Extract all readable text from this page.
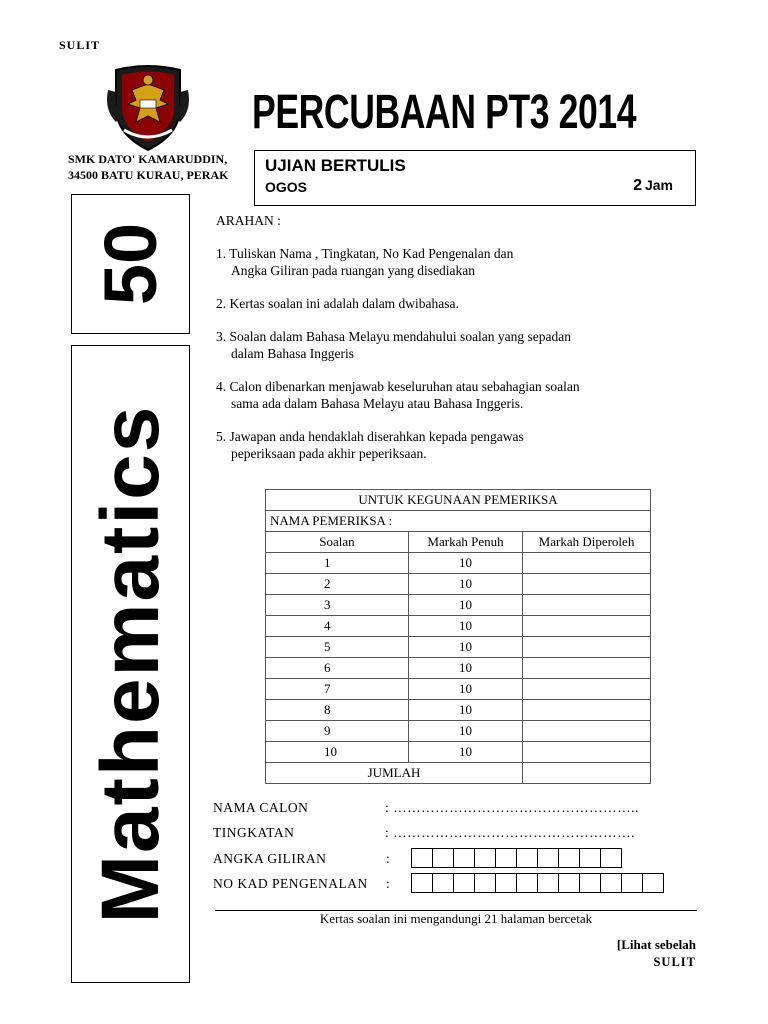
SULIT
SMK DATO' KAMARUDDIN,
34500 BATU KURAU, PERAK
PERCUBAAN PT3 2014
UJIAN BERTULIS
OGOS	2 Jam
50
Mathematics
ARAHAN :
1. Tuliskan Nama , Tingkatan, No Kad Pengenalan dan
Angka Giliran pada ruangan yang disediakan
2. Kertas soalan ini adalah dalam dwibahasa.
3. Soalan dalam Bahasa Melayu mendahului soalan yang sepadan
dalam Bahasa Inggeris
4. Calon dibenarkan menjawab keseluruhan atau sebahagian soalan
sama ada dalam Bahasa Melayu atau Bahasa Inggeris.
5. Jawapan anda hendaklah diserahkan kepada pengawas
peperiksaan pada akhir peperiksaan.
UNTUK KEGUNAAN PEMERIKSA		
NAMA PEMERIKSA :		
Soalan	Markah Penuh	Markah Diperoleh
1	10	
2	10	
3	10	
4	10	
5	10	
6	10	
7	10	
8	10	
9	10	
10	10	
JUMLAH		
NAMA CALON	: ……………………………………………..
TINGKATAN	: …………………………………………….
ANGKA GILIRAN	:
NO KAD PENGENALAN :
Kertas soalan ini mengandungi 21 halaman bercetak
[Lihat sebelah
SULIT
